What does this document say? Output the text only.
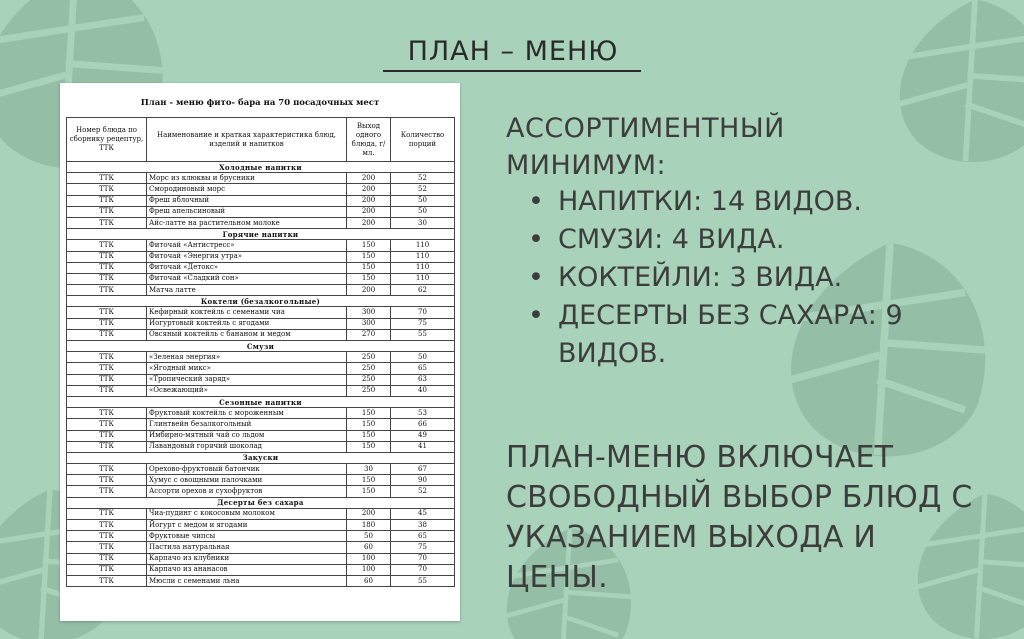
ПЛАН – МЕНЮ
План - меню фито- бара на 70 посадочных мест
Номер блюда по сборнику рецептур, ТТК	Наименование и краткая характеристика блюд, изделий и напитков	Выход одного блюда, г/мл.	Количество порций
Холодные напитки			
ТТК	Морс из клюквы и брусники	200	52
ТТК	Смородиновый морс	200	52
ТТК	Фреш яблочный	200	50
ТТК	Фреш апельсиновый	200	50
ТТК	Айс-латте на растительном молоке	200	30
Горячие напитки			
ТТК	Фиточай «Антистресс»	150	110
ТТК	Фиточай «Энергия утра»	150	110
ТТК	Фиточай «Детокс»	150	110
ТТК	Фиточай «Сладкий сон»	150	110
ТТК	Матча латте	200	62
Коктели (безалкогольные)			
ТТК	Кефирный коктейль с семенами чиа	300	70
ТТК	Йогуртовый коктейль с ягодами	300	75
ТТК	Овсяный коктейль с бананом и медом	270	55
Смузи			
ТТК	«Зеленая энергия»	250	50
ТТК	«Ягодный микс»	250	65
ТТК	«Тропический заряд»	250	63
ТТК	«Освежающий»	250	40
Сезонные напитки			
ТТК	Фруктовый коктейль с мороженным	150	53
ТТК	Глинтвейн безалкогольный	150	66
ТТК	Имбирно-мятный чай со льдом	150	49
ТТК	Лавандовый горячий шоколад	150	41
Закуски			
ТТК	Орехово-фруктовый батончик	30	67
ТТК	Хумус с овощными палочками	150	90
ТТК	Ассорти орехов и сухофруктов	150	52
Десерты без сахара			
ТТК	Чиа-пудинг с кокосовым молоком	200	45
ТТК	Йогурт с медом и ягодами	180	38
ТТК	Фруктовые чипсы	50	65
ТТК	Пастила натуральная	60	75
ТТК	Карпачо из клубники	100	70
ТТК	Карпачо из ананасов	100	70
ТТК	Мюсли с семенами льна	60	55
АССОРТИМЕНТНЫЙ
МИНИМУМ:
• НАПИТКИ: 14 ВИДОВ.
• СМУЗИ: 4 ВИДА.
• КОКТЕЙЛИ: 3 ВИДА.
• ДЕСЕРТЫ БЕЗ САХАРА: 9 ВИДОВ.
ПЛАН-МЕНЮ ВКЛЮЧАЕТ СВОБОДНЫЙ ВЫБОР БЛЮД С УКАЗАНИЕМ ВЫХОДА И ЦЕНЫ.
